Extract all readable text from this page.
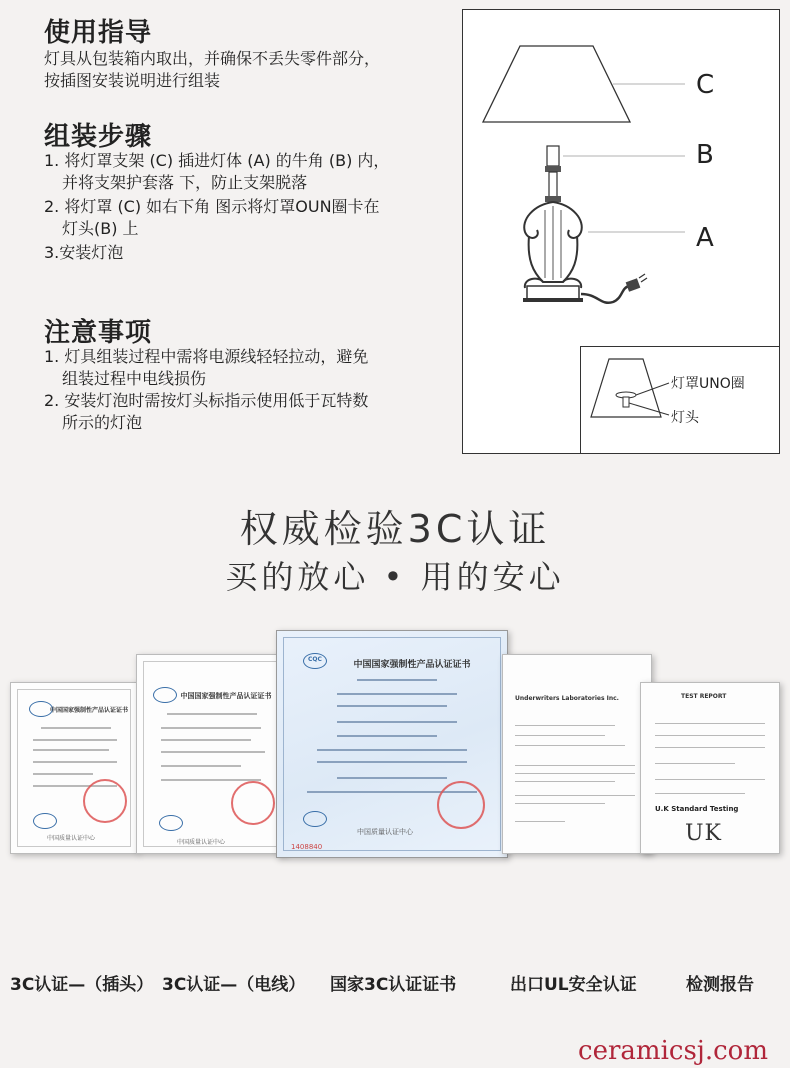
使用指导
灯具从包装箱内取出，并确保不丢失零件部分，
按插图安装说明进行组装
组装步骤
1. 将灯罩支架 (C) 插进灯体 (A) 的牛角 (B) 内，
并将支架护套落 下，防止支架脱落
2. 将灯罩 (C) 如右下角 图示将灯罩OUN圈卡在
灯头(B) 上
3.安装灯泡
注意事项
1. 灯具组装过程中需将电源线轻轻拉动，避免
组装过程中电线损伤
2. 安装灯泡时需按灯头标指示使用低于瓦特数
所示的灯泡
C
B
A
灯罩UNO圈
灯头
权威检验3C认证
买的放心 • 用的安心
中国国家强制性产品认证证书
中国质量认证中心
中国国家强制性产品认证证书
中国质量认证中心
CQC
中国国家强制性产品认证证书
中国质量认证中心
1408840
Underwriters Laboratories Inc.	TEST REPORT
U.K Standard Testing
UK
3C认证—（插头） 3C认证—（电线） 国家3C认证证书	出口UL安全认证	检测报告
ceramicsj.com
